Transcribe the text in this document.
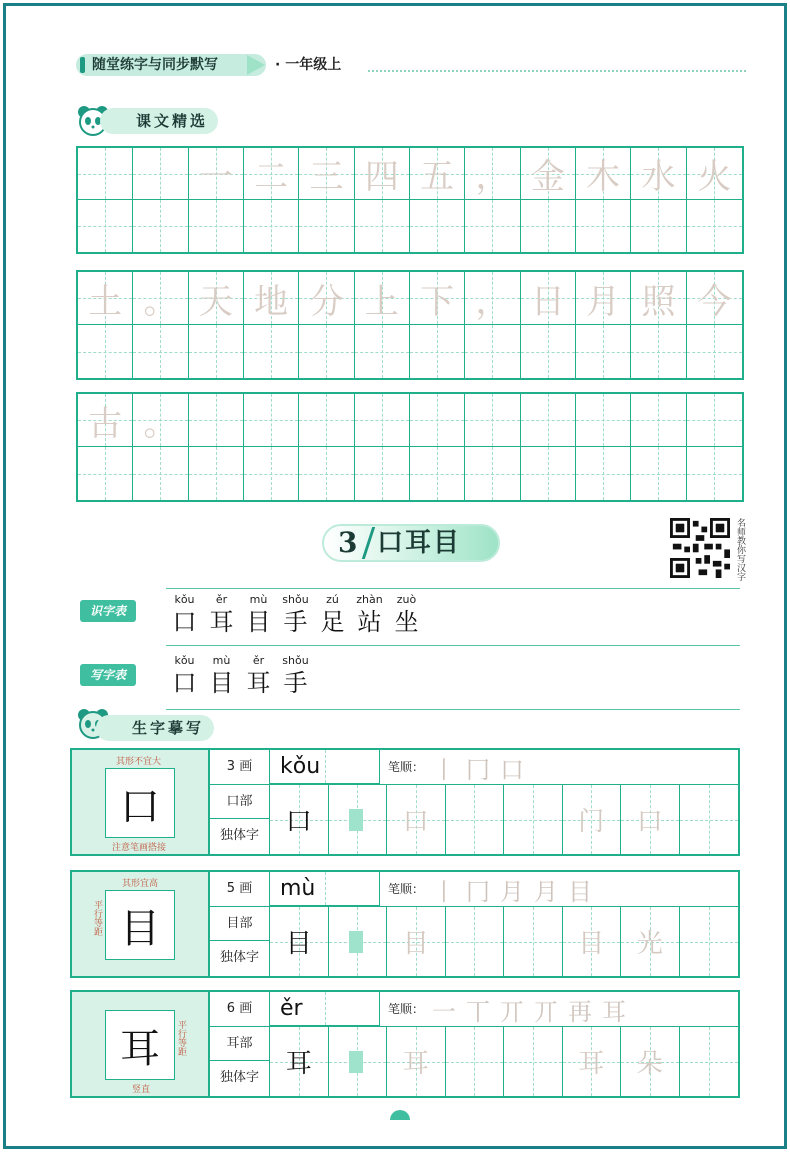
随堂练字与同步默写	· 一年级上
课文精选
一 二 三 四 五 ， 金 木 水 火
土 。 天 地 分 上 下 ， 日 月 照 今
古 。
3 口耳目	名师教你写汉字
识字表
kǒu
口
ěr
耳
mù
目
shǒu
手
zú
足
zhàn
站
zuò
坐
写字表
kǒu
口
mù
目
ěr
耳
shǒu
手
生字摹写
口
其形不宜大
注意笔画搭接
3 画
口部
独体字
kǒu	笔顺： 丨 冂 口
口	口	门	口
目
其形宜高
平行等距
5 画
目部
独体字
mù	笔顺： 丨 冂 月 月 目
目	目	目	光
耳
竖直
平行等距
6 画
耳部
独体字
ěr	笔顺： 一 丅 丌 丌 再 耳
耳	耳	耳	朵
